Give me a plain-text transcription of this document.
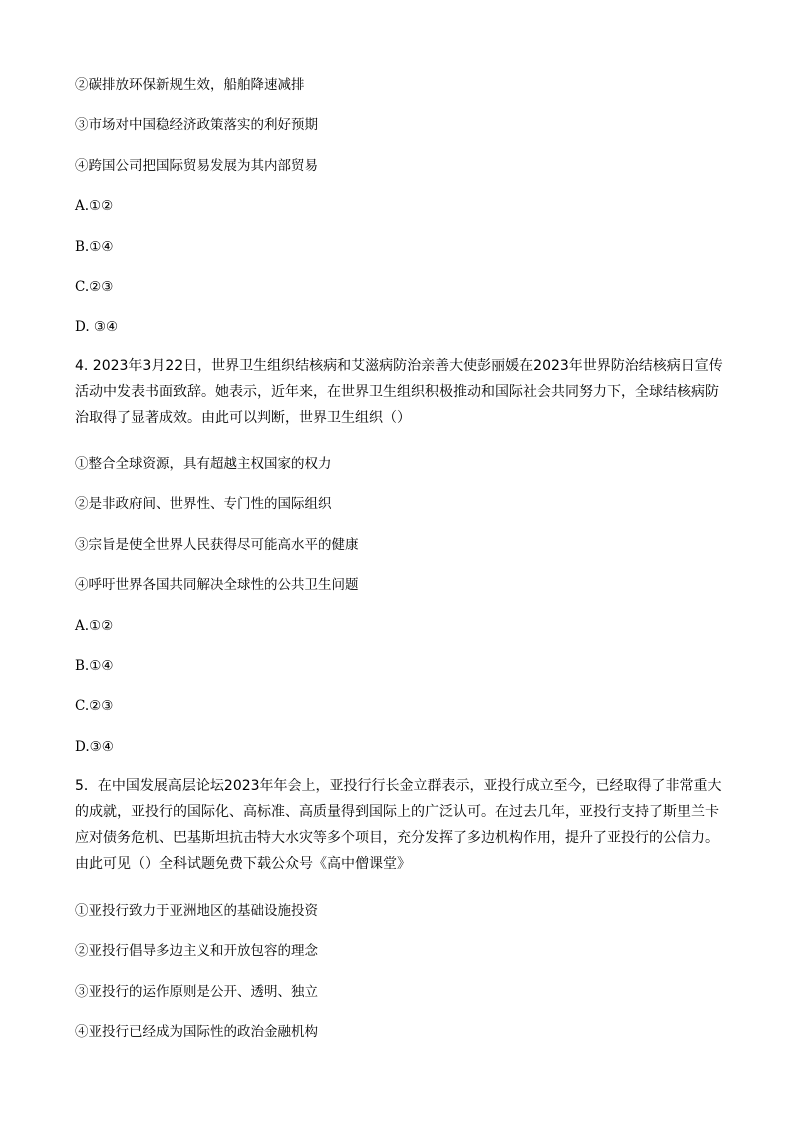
②碳排放环保新规生效，船舶降速减排
③市场对中国稳经济政策落实的利好预期
④跨国公司把国际贸易发展为其内部贸易
A.①②
B.①④
C.②③
D. ③④
4. 2023年3月22日，世界卫生组织结核病和艾滋病防治亲善大使彭丽媛在2023年世界防治结核病日宣传
活动中发表书面致辞。她表示，近年来，在世界卫生组织积极推动和国际社会共同努力下，全球结核病防
治取得了显著成效。由此可以判断，世界卫生组织（）
①整合全球资源，具有超越主权国家的权力
②是非政府间、世界性、专门性的国际组织
③宗旨是使全世界人民获得尽可能高水平的健康
④呼吁世界各国共同解决全球性的公共卫生问题
A.①②
B.①④
C.②③
D.③④
5．在中国发展高层论坛2023年年会上，亚投行行长金立群表示，亚投行成立至今，已经取得了非常重大
的成就，亚投行的国际化、高标准、高质量得到国际上的广泛认可。在过去几年，亚投行支持了斯里兰卡
应对债务危机、巴基斯坦抗击特大水灾等多个项目，充分发挥了多边机构作用，提升了亚投行的公信力。
由此可见（）全科试题免费下载公众号《高中僧课堂》
①亚投行致力于亚洲地区的基础设施投资
②亚投行倡导多边主义和开放包容的理念
③亚投行的运作原则是公开、透明、独立
④亚投行已经成为国际性的政治金融机构
